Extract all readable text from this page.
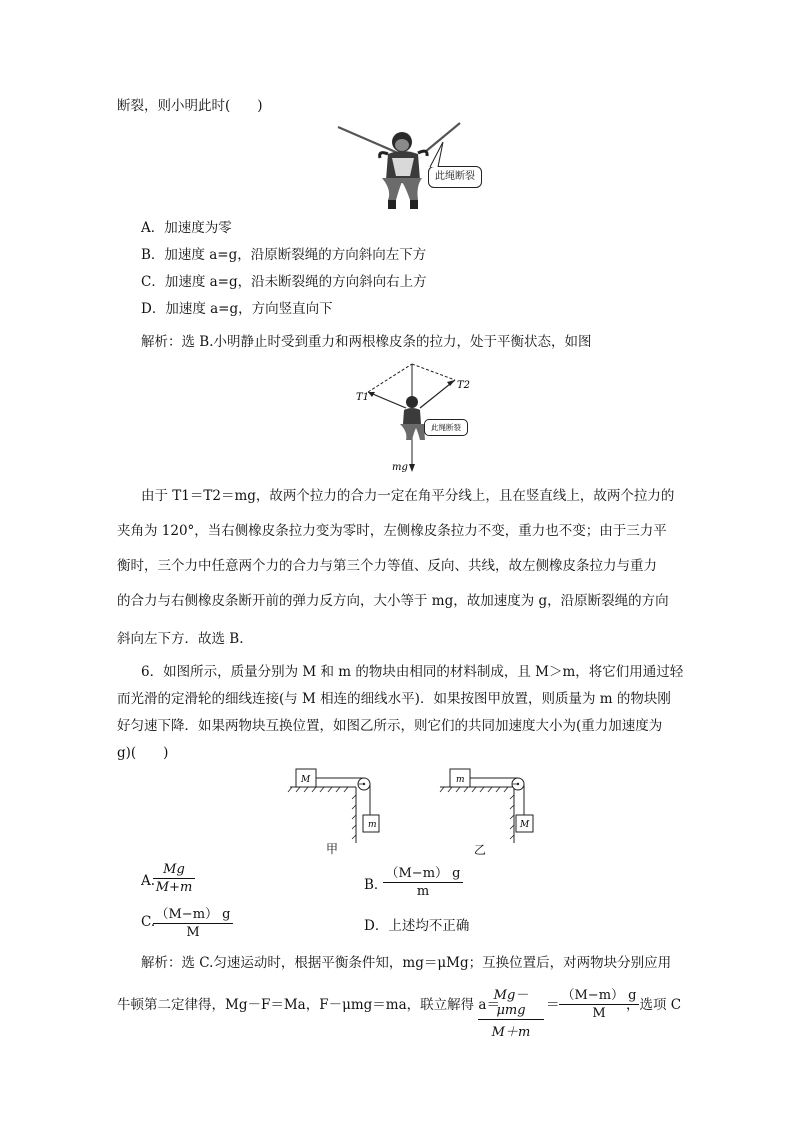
断裂，则小明此时(　　)
此绳断裂
A．加速度为零
B．加速度 a=g，沿原断裂绳的方向斜向左下方
C．加速度 a=g，沿未断裂绳的方向斜向右上方
D．加速度 a=g，方向竖直向下
解析：选 B.小明静止时受到重力和两根橡皮条的拉力，处于平衡状态，如图
T1
T2
mg
此绳断裂
由于 T1＝T2＝mg，故两个拉力的合力一定在角平分线上，且在竖直线上，故两个拉力的
夹角为 120°，当右侧橡皮条拉力变为零时，左侧橡皮条拉力不变，重力也不变；由于三力平
衡时，三个力中任意两个力的合力与第三个力等值、反向、共线，故左侧橡皮条拉力与重力
的合力与右侧橡皮条断开前的弹力反方向，大小等于 mg，故加速度为 g，沿原断裂绳的方向
斜向左下方．故选 B.
6．如图所示，质量分别为 M 和 m 的物块由相同的材料制成，且 M＞m，将它们用通过轻
而光滑的定滑轮的细线连接(与 M 相连的细线水平)．如果按图甲放置，则质量为 m 的物块刚
好匀速下降．如果两物块互换位置，如图乙所示，则它们的共同加速度大小为(重力加速度为
g)(　　)
M
m
m
M
甲	乙
A.
$\frac{Mg}{M+m}$	B．
$\frac{(M-m) g}{m}$
C.
$\frac{(M-m) g}{M}$	D．上述均不正确
解析：选 C.匀速运动时，根据平衡条件知，mg＝μMg；互换位置后，对两物块分别应用
牛顿第二定律得，Mg－F＝Ma，F－μmg＝ma，联立解得 a＝
Mg－μmg
M＋m
＝ $\frac{(M-m) g}{M}$
，选项 C
